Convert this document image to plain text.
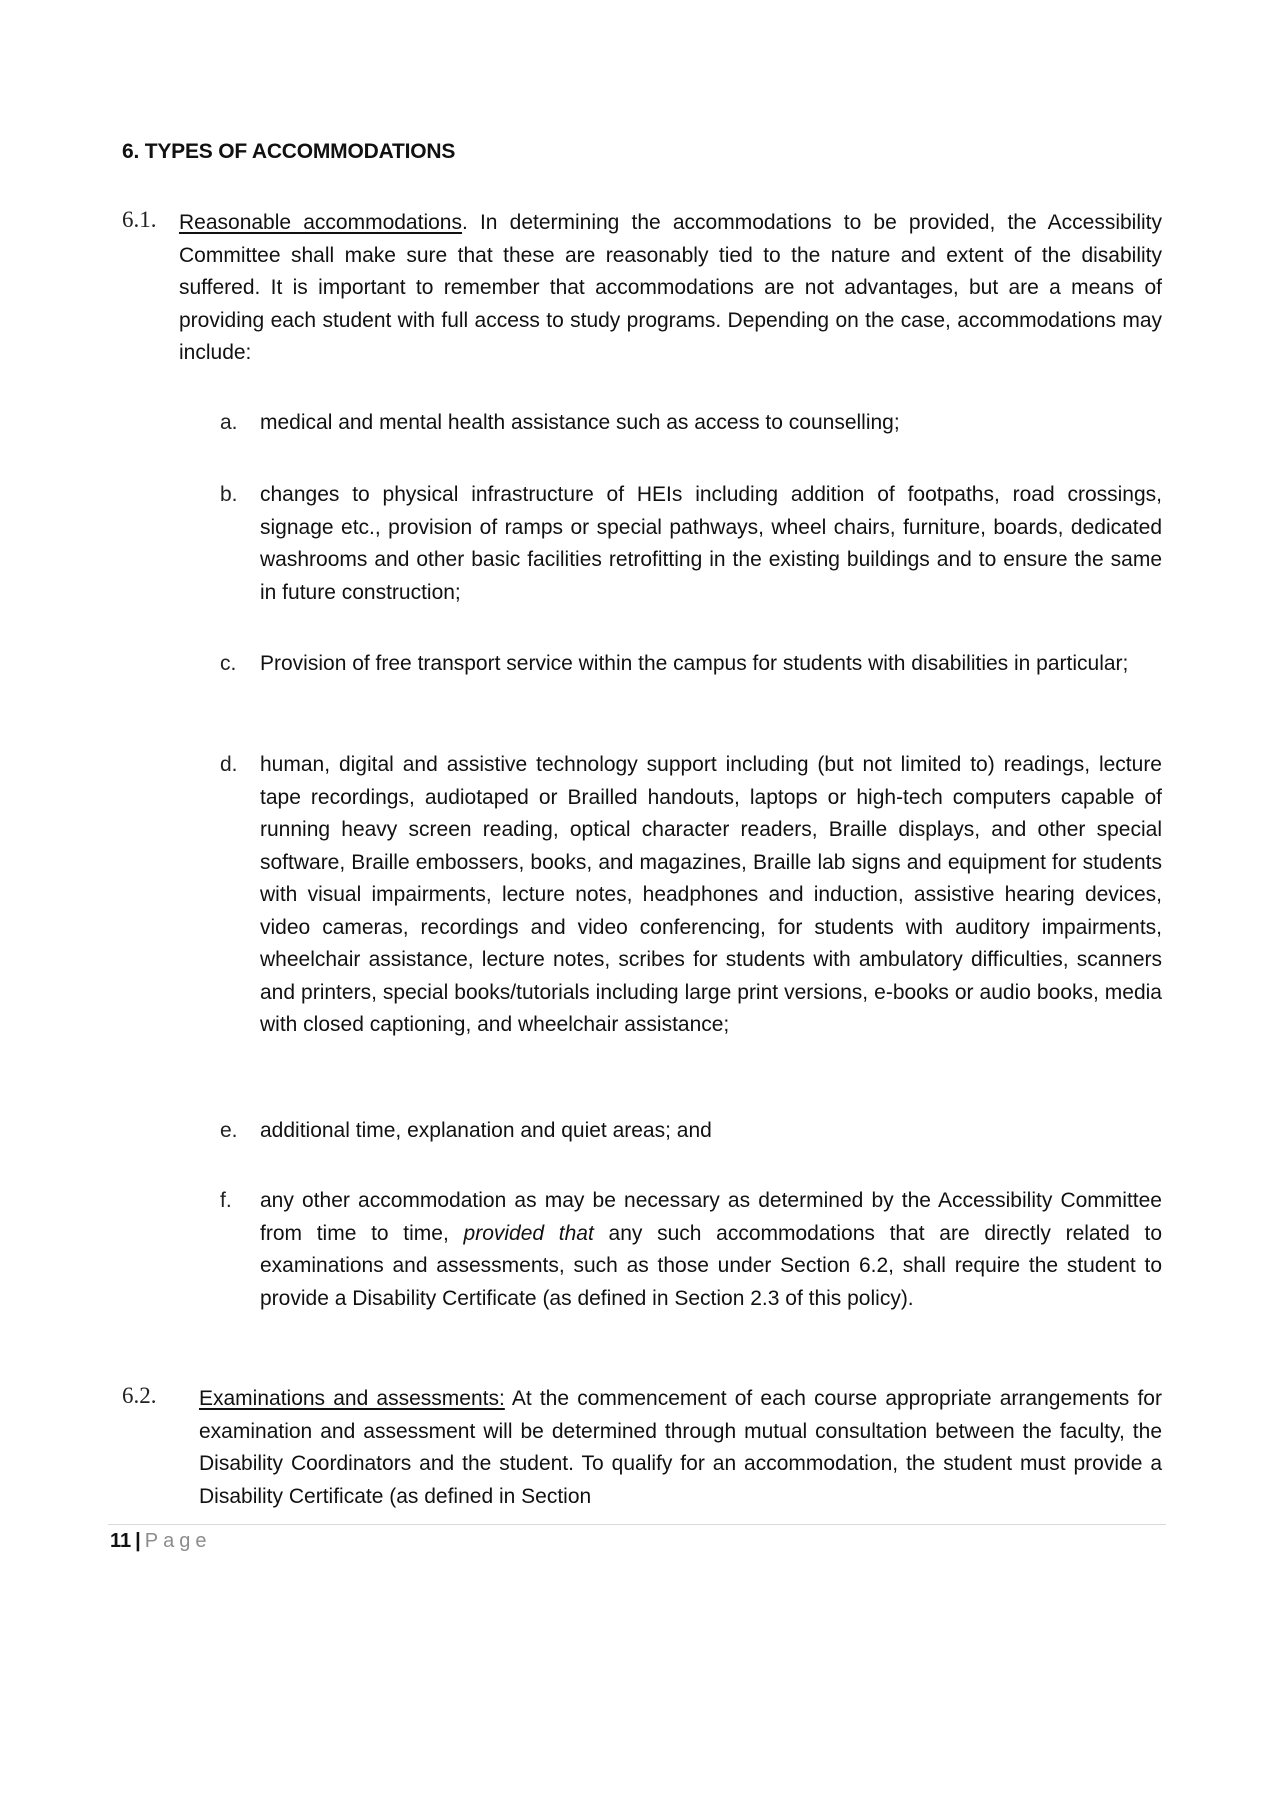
6. TYPES OF ACCOMMODATIONS
6.1. Reasonable accommodations. In determining the accommodations to be provided, the Accessibility Committee shall make sure that these are reasonably tied to the nature and extent of the disability suffered. It is important to remember that accommodations are not advantages, but are a means of providing each student with full access to study programs. Depending on the case, accommodations may include:
a. medical and mental health assistance such as access to counselling;
b. changes to physical infrastructure of HEIs including addition of footpaths, road crossings, signage etc., provision of ramps or special pathways, wheel chairs, furniture, boards, dedicated washrooms and other basic facilities retrofitting in the existing buildings and to ensure the same in future construction;
c. Provision of free transport service within the campus for students with disabilities in particular;
d. human, digital and assistive technology support including (but not limited to) readings, lecture tape recordings, audiotaped or Brailled handouts, laptops or high-tech computers capable of running heavy screen reading, optical character readers, Braille displays, and other special software, Braille embossers, books, and magazines, Braille lab signs and equipment for students with visual impairments, lecture notes, headphones and induction, assistive hearing devices, video cameras, recordings and video conferencing, for students with auditory impairments, wheelchair assistance, lecture notes, scribes for students with ambulatory difficulties, scanners and printers, special books/tutorials including large print versions, e-books or audio books, media with closed captioning, and wheelchair assistance;
e. additional time, explanation and quiet areas; and
f. any other accommodation as may be necessary as determined by the Accessibility Committee from time to time, provided that any such accommodations that are directly related to examinations and assessments, such as those under Section 6.2, shall require the student to provide a Disability Certificate (as defined in Section 2.3 of this policy).
6.2. Examinations and assessments: At the commencement of each course appropriate arrangements for examination and assessment will be determined through mutual consultation between the faculty, the Disability Coordinators and the student. To qualify for an accommodation, the student must provide a Disability Certificate (as defined in Section
11 | Page
